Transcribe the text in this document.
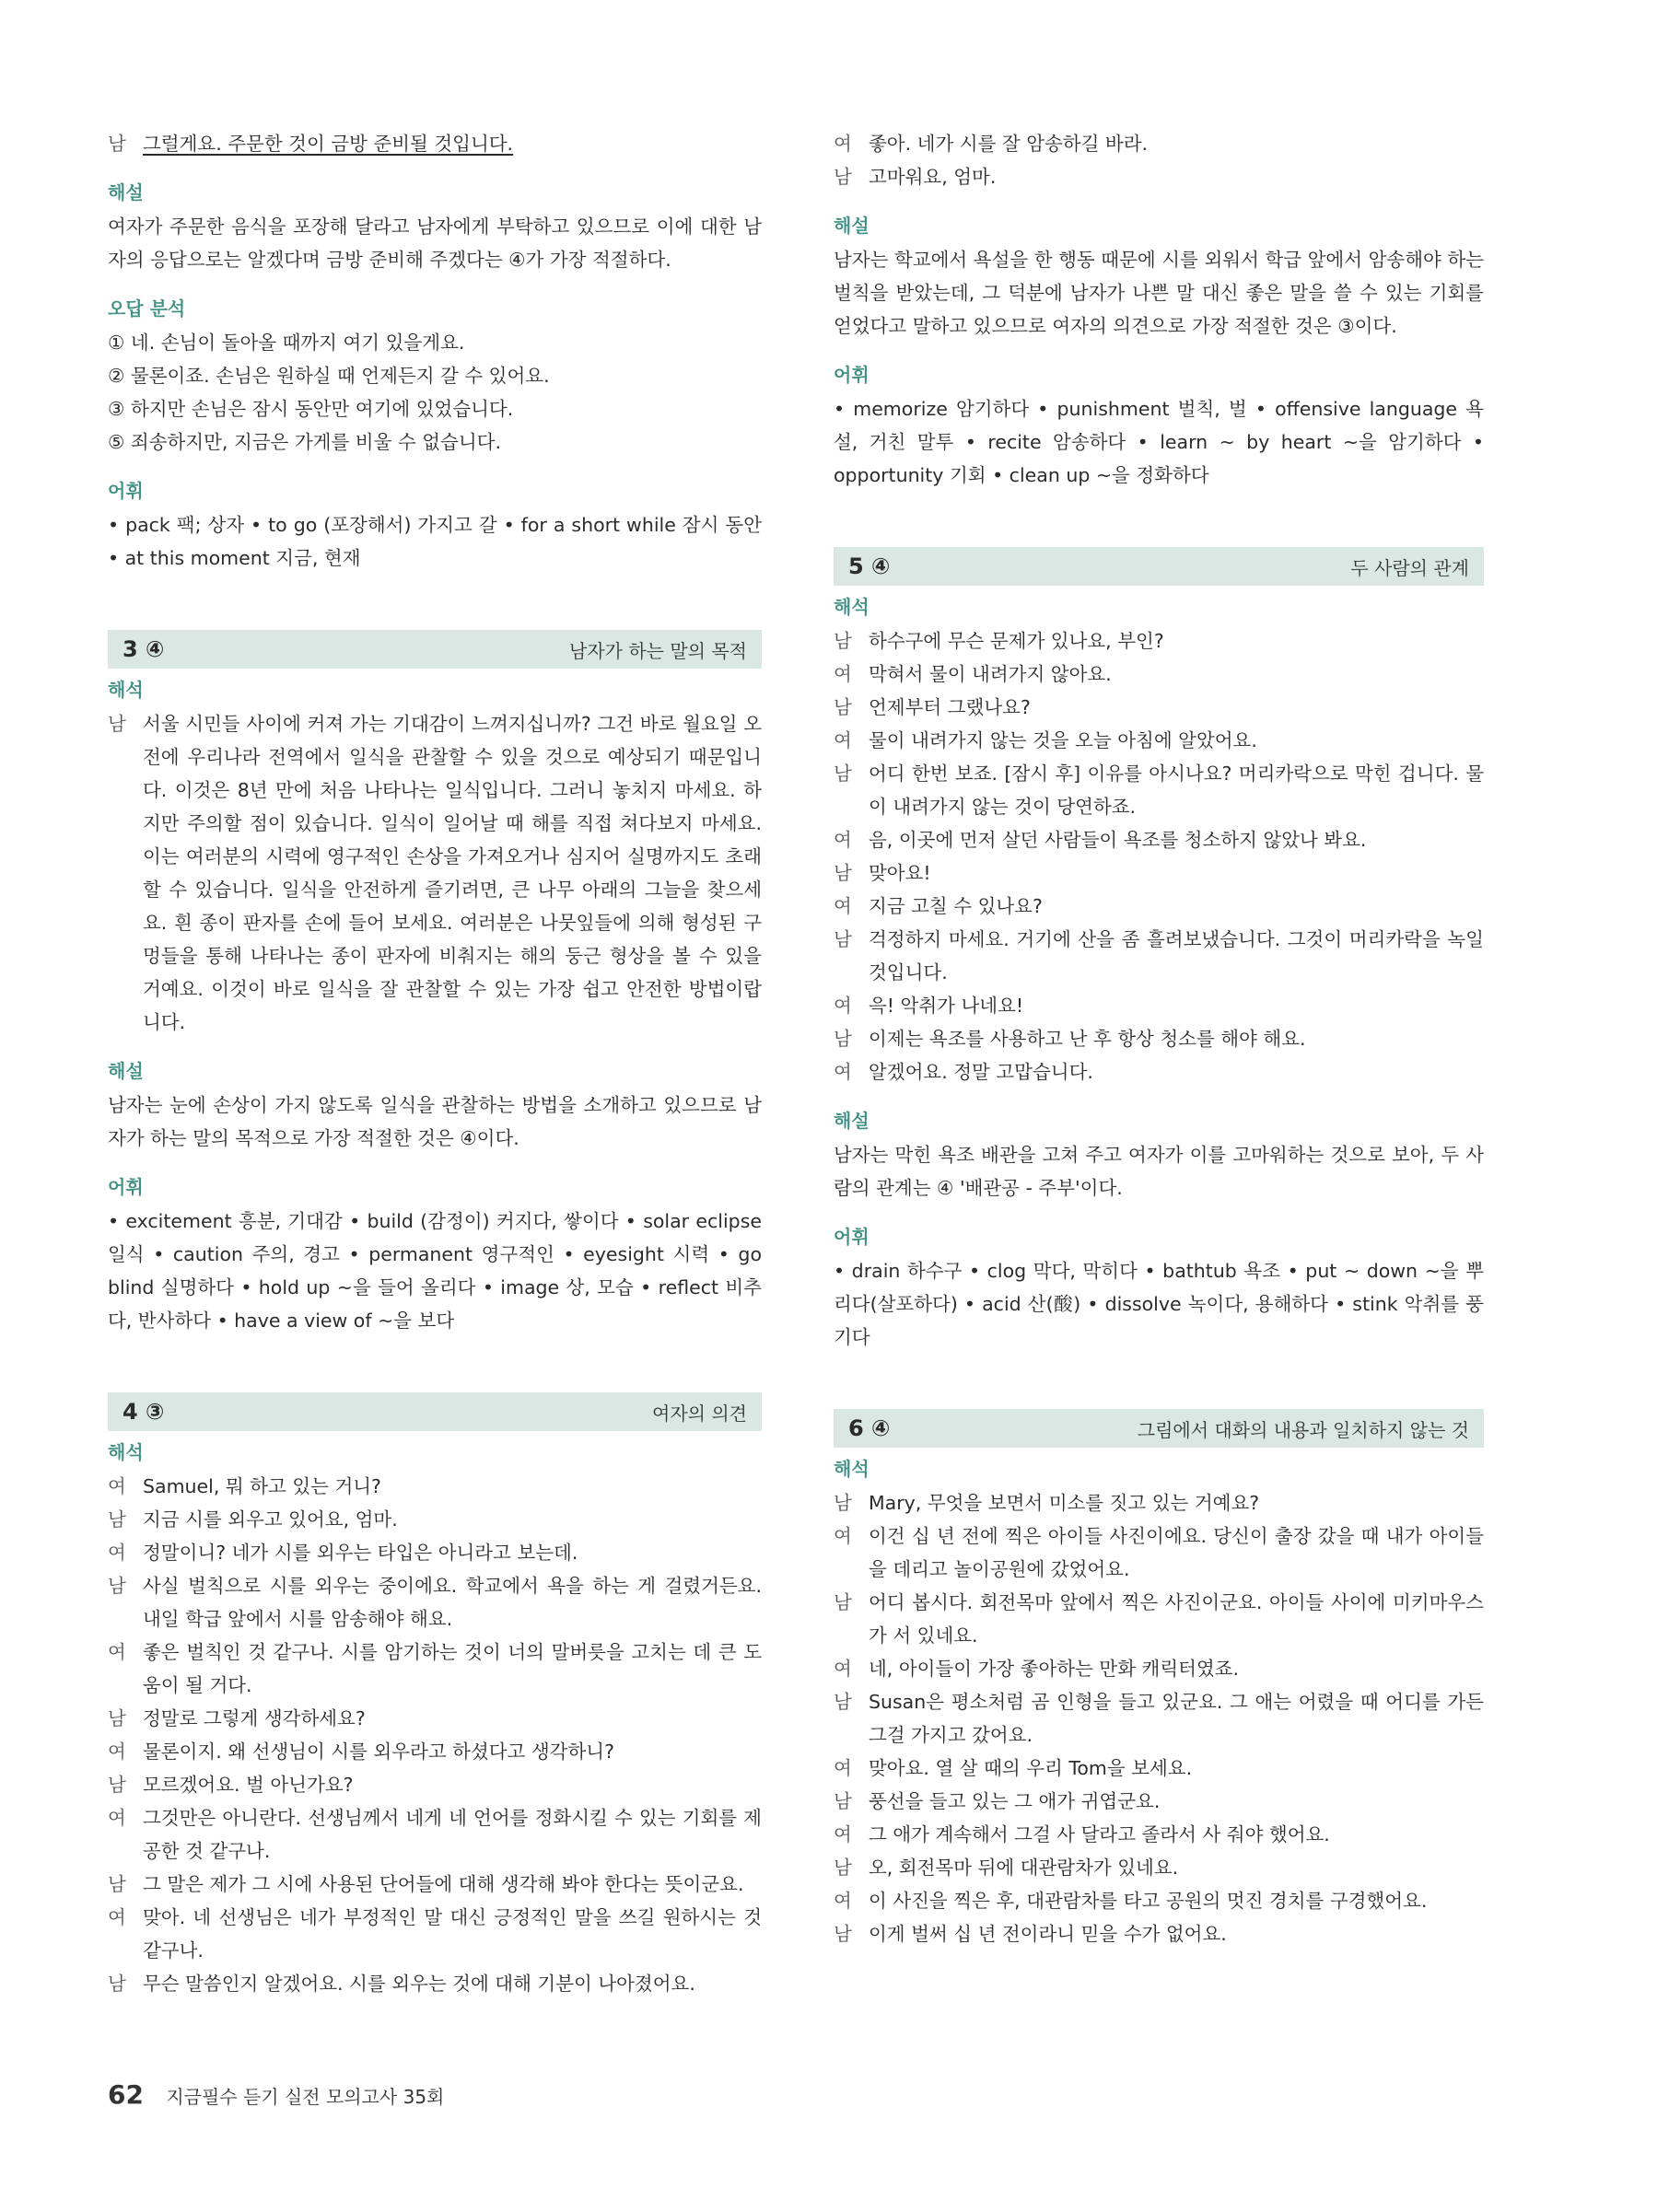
남 그럴게요. 주문한 것이 금방 준비될 것입니다.
해설
여자가 주문한 음식을 포장해 달라고 남자에게 부탁하고 있으므로 이에 대한 남자의 응답으로는 알겠다며 금방 준비해 주겠다는 ④가 가장 적절하다.
오답 분석
① 네. 손님이 돌아올 때까지 여기 있을게요.
② 물론이죠. 손님은 원하실 때 언제든지 갈 수 있어요.
③ 하지만 손님은 잠시 동안만 여기에 있었습니다.
⑤ 죄송하지만, 지금은 가게를 비울 수 없습니다.
어휘
• pack 팩; 상자 • to go (포장해서) 가지고 갈 • for a short while 잠시 동안 • at this moment 지금, 현재
3 ④	남자가 하는 말의 목적
해석
남 서울 시민들 사이에 커져 가는 기대감이 느껴지십니까? 그건 바로 월요일 오전에 우리나라 전역에서 일식을 관찰할 수 있을 것으로 예상되기 때문입니다. 이것은 8년 만에 처음 나타나는 일식입니다. 그러니 놓치지 마세요. 하지만 주의할 점이 있습니다. 일식이 일어날 때 해를 직접 쳐다보지 마세요. 이는 여러분의 시력에 영구적인 손상을 가져오거나 심지어 실명까지도 초래할 수 있습니다. 일식을 안전하게 즐기려면, 큰 나무 아래의 그늘을 찾으세요. 흰 종이 판자를 손에 들어 보세요. 여러분은 나뭇잎들에 의해 형성된 구멍들을 통해 나타나는 종이 판자에 비춰지는 해의 둥근 형상을 볼 수 있을 거예요. 이것이 바로 일식을 잘 관찰할 수 있는 가장 쉽고 안전한 방법이랍니다.
해설
남자는 눈에 손상이 가지 않도록 일식을 관찰하는 방법을 소개하고 있으므로 남자가 하는 말의 목적으로 가장 적절한 것은 ④이다.
어휘
• excitement 흥분, 기대감 • build (감정이) 커지다, 쌓이다 • solar eclipse 일식 • caution 주의, 경고 • permanent 영구적인 • eyesight 시력 • go blind 실명하다 • hold up ~을 들어 올리다 • image 상, 모습 • reflect 비추다, 반사하다 • have a view of ~을 보다
4 ③	여자의 의견
해석
여 Samuel, 뭐 하고 있는 거니?
남 지금 시를 외우고 있어요, 엄마.
여 정말이니? 네가 시를 외우는 타입은 아니라고 보는데.
남 사실 벌칙으로 시를 외우는 중이에요. 학교에서 욕을 하는 게 걸렸거든요. 내일 학급 앞에서 시를 암송해야 해요.
여 좋은 벌칙인 것 같구나. 시를 암기하는 것이 너의 말버릇을 고치는 데 큰 도움이 될 거다.
남 정말로 그렇게 생각하세요?
여 물론이지. 왜 선생님이 시를 외우라고 하셨다고 생각하니?
남 모르겠어요. 벌 아닌가요?
여 그것만은 아니란다. 선생님께서 네게 네 언어를 정화시킬 수 있는 기회를 제공한 것 같구나.
남 그 말은 제가 그 시에 사용된 단어들에 대해 생각해 봐야 한다는 뜻이군요.
여 맞아. 네 선생님은 네가 부정적인 말 대신 긍정적인 말을 쓰길 원하시는 것 같구나.
남 무슨 말씀인지 알겠어요. 시를 외우는 것에 대해 기분이 나아졌어요.
여 좋아. 네가 시를 잘 암송하길 바라.
남 고마워요, 엄마.
해설
남자는 학교에서 욕설을 한 행동 때문에 시를 외워서 학급 앞에서 암송해야 하는 벌칙을 받았는데, 그 덕분에 남자가 나쁜 말 대신 좋은 말을 쓸 수 있는 기회를 얻었다고 말하고 있으므로 여자의 의견으로 가장 적절한 것은 ③이다.
어휘
• memorize 암기하다 • punishment 벌칙, 벌 • offensive language 욕설, 거친 말투 • recite 암송하다 • learn ~ by heart ~을 암기하다 • opportunity 기회 • clean up ~을 정화하다
5 ④	두 사람의 관계
해석
남 하수구에 무슨 문제가 있나요, 부인?
여 막혀서 물이 내려가지 않아요.
남 언제부터 그랬나요?
여 물이 내려가지 않는 것을 오늘 아침에 알았어요.
남 어디 한번 보죠. [잠시 후] 이유를 아시나요? 머리카락으로 막힌 겁니다. 물이 내려가지 않는 것이 당연하죠.
여 음, 이곳에 먼저 살던 사람들이 욕조를 청소하지 않았나 봐요.
남 맞아요!
여 지금 고칠 수 있나요?
남 걱정하지 마세요. 거기에 산을 좀 흘려보냈습니다. 그것이 머리카락을 녹일 것입니다.
여 윽! 악취가 나네요!
남 이제는 욕조를 사용하고 난 후 항상 청소를 해야 해요.
여 알겠어요. 정말 고맙습니다.
해설
남자는 막힌 욕조 배관을 고쳐 주고 여자가 이를 고마워하는 것으로 보아, 두 사람의 관계는 ④ '배관공 - 주부'이다.
어휘
• drain 하수구 • clog 막다, 막히다 • bathtub 욕조 • put ~ down ~을 뿌리다(살포하다) • acid 산(酸) • dissolve 녹이다, 용해하다 • stink 악취를 풍기다
6 ④	그림에서 대화의 내용과 일치하지 않는 것
해석
남 Mary, 무엇을 보면서 미소를 짓고 있는 거예요?
여 이건 십 년 전에 찍은 아이들 사진이에요. 당신이 출장 갔을 때 내가 아이들을 데리고 놀이공원에 갔었어요.
남 어디 봅시다. 회전목마 앞에서 찍은 사진이군요. 아이들 사이에 미키마우스가 서 있네요.
여 네, 아이들이 가장 좋아하는 만화 캐릭터였죠.
남 Susan은 평소처럼 곰 인형을 들고 있군요. 그 애는 어렸을 때 어디를 가든 그걸 가지고 갔어요.
여 맞아요. 열 살 때의 우리 Tom을 보세요.
남 풍선을 들고 있는 그 애가 귀엽군요.
여 그 애가 계속해서 그걸 사 달라고 졸라서 사 줘야 했어요.
남 오, 회전목마 뒤에 대관람차가 있네요.
여 이 사진을 찍은 후, 대관람차를 타고 공원의 멋진 경치를 구경했어요.
남 이게 벌써 십 년 전이라니 믿을 수가 없어요.
62 지금필수 듣기 실전 모의고사 35회
